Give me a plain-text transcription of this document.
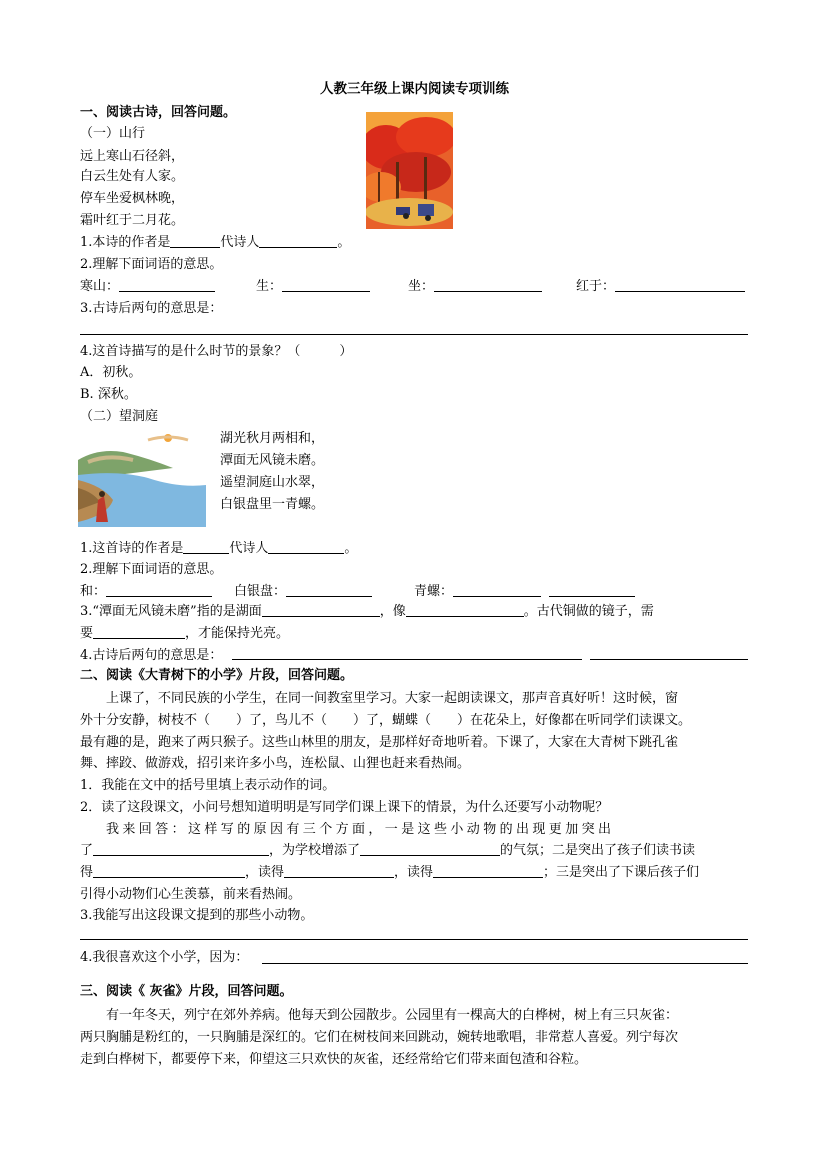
人教三年级上课内阅读专项训练
一、阅读古诗，回答问题。
（一）山行
远上寒山石径斜，
白云生处有人家。
停车坐爱枫林晚，
霜叶红于二月花。
1.本诗的作者是	代诗人	。
2.理解下面词语的意思。
寒山：	生：	坐：	红于：
3.古诗后两句的意思是：
4.这首诗描写的是什么时节的景象？（　　　）
A．初秋。
B. 深秋。
（二）望洞庭
湖光秋月两相和，
潭面无风镜未磨。
遥望洞庭山水翠，
白银盘里一青螺。
1.这首诗的作者是	代诗人	。
2.理解下面词语的意思。
和：	白银盘：	青螺：
3.“潭面无风镜未磨”指的是湖面	，像	。古代铜做的镜子，需
要	，才能保持光亮。
4.古诗后两句的意思是：
二、阅读《大青树下的小学》片段，回答问题。
上课了，不同民族的小学生，在同一间教室里学习。大家一起朗读课文，那声音真好听！这时候，窗
外十分安静，树枝不（　　）了，鸟儿不（　　）了，蝴蝶（　　）在花朵上，好像都在听同学们读课文。
最有趣的是，跑来了两只猴子。这些山林里的朋友，是那样好奇地听着。下课了，大家在大青树下跳孔雀
舞、摔跤、做游戏，招引来许多小鸟，连松鼠、山狸也赶来看热闹。
1．我能在文中的括号里填上表示动作的词。
2．读了这段课文，小问号想知道明明是写同学们课上课下的情景，为什么还要写小动物呢？
我来回答：这样写的原因有三个方面，一是这些小动物的出现更加突出
了	，为学校增添了	的气氛；二是突出了孩子们读书读
得	，读得	，读得	；三是突出了下课后孩子们
引得小动物们心生羡慕，前来看热闹。
3.我能写出这段课文提到的那些小动物。
4.我很喜欢这个小学，因为：
三、阅读《 灰雀》片段，回答问题。
有一年冬天，列宁在郊外养病。他每天到公园散步。公园里有一棵高大的白桦树，树上有三只灰雀：
两只胸脯是粉红的，一只胸脯是深红的。它们在树枝间来回跳动，婉转地歌唱，非常惹人喜爱。列宁每次
走到白桦树下，都要停下来，仰望这三只欢快的灰雀，还经常给它们带来面包渣和谷粒。
